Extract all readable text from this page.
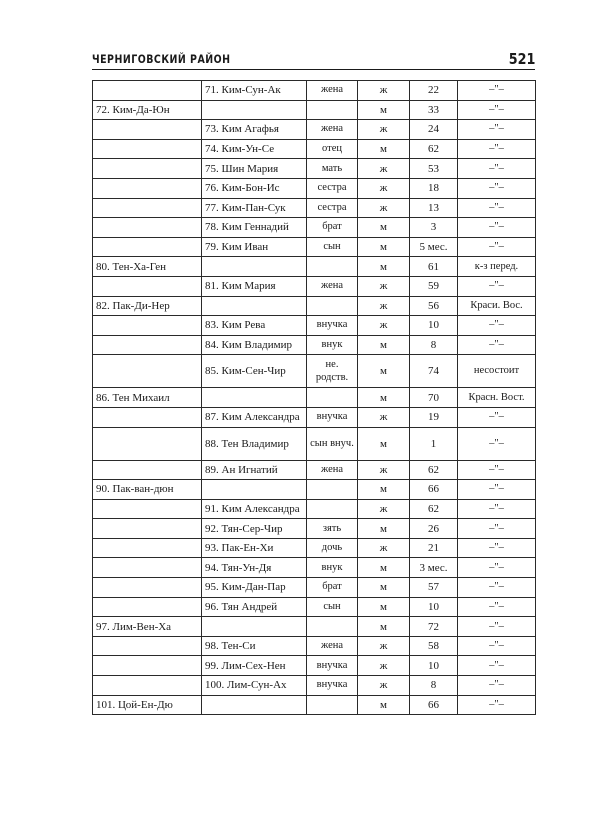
ЧЕРНИГОВСКИЙ РАЙОН	521
	71. Ким-Сун-Ак	жена	ж	22	–"–
72. Ким-Да-Юн			м	33	–"–
	73. Ким Агафья	жена	ж	24	–"–
	74. Ким-Ун-Се	отец	м	62	–"–
	75. Шин Мария	мать	ж	53	–"–
	76. Ким-Бон-Ис	сестра	ж	18	–"–
	77. Ким-Пан-Сук	сестра	ж	13	–"–
	78. Ким Геннадий	брат	м	3	–"–
	79. Ким Иван	сын	м	5 мес.	–"–
80. Тен-Ха-Ген			м	61	к-з перед.
	81. Ким Мария	жена	ж	59	–"–
82. Пак-Ди-Нер			ж	56	Краси. Вос.
	83. Ким Рева	внучка	ж	10	–"–
	84. Ким Владимир	внук	м	8	–"–
	85. Ким-Сен-Чир	не. родств.	м	74	несостоит
86. Тен Михаил			м	70	Красн. Вост.
	87. Ким Александра	внучка	ж	19	–"–
	88. Тен Владимир	сын внуч.	м	1	–"–
	89. Ан Игнатий	жена	ж	62	–"–
90. Пак-ван-дюн			м	66	–"–
	91. Ким Александра		ж	62	–"–
	92. Тян-Сер-Чир	зять	м	26	–"–
	93. Пак-Ен-Хи	дочь	ж	21	–"–
	94. Тян-Ун-Дя	внук	м	3 мес.	–"–
	95. Ким-Дан-Пар	брат	м	57	–"–
	96. Тян Андрей	сын	м	10	–"–
97. Лим-Вен-Ха			м	72	–"–
	98. Тен-Си	жена	ж	58	–"–
	99. Лим-Сех-Нен	внучка	ж	10	–"–
	100. Лим-Сун-Ах	внучка	ж	8	–"–
101. Цой-Ен-Дю			м	66	–"–
